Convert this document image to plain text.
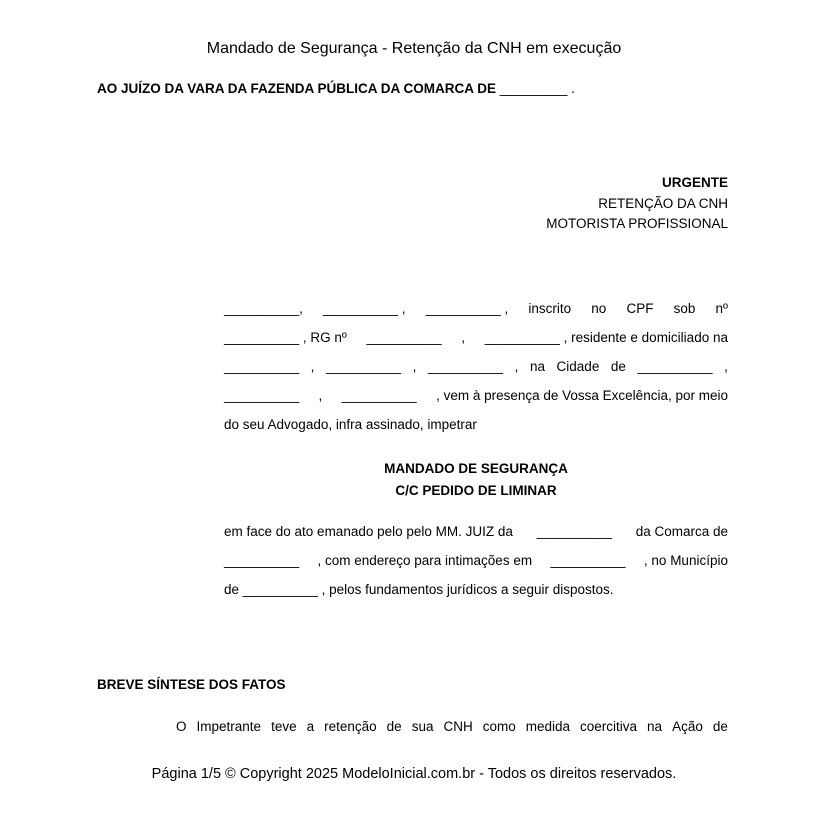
Mandado de Segurança - Retenção da CNH em execução

AO JUÍZO DA VARA DA FAZENDA PÚBLICA DA COMARCA DE _________ .

URGENTE

RETENÇÃO DA CNH

MOTORISTA PROFISSIONAL

__________, __________ , __________ , inscrito no CPF sob nº
__________ , RG nº __________ , __________ , residente e domiciliado na
__________ , __________ , __________ , na Cidade de __________ ,
__________ , __________ , vem à presença de Vossa Excelência, por meio
do seu Advogado, infra assinado, impetrar

MANDADO DE SEGURANÇA

C/C PEDIDO DE LIMINAR

em face do ato emanado pelo pelo MM. JUIZ da __________ da Comarca de
__________ , com endereço para intimações em __________ , no Município
de __________ , pelos fundamentos jurídicos a seguir dispostos.

BREVE SÍNTESE DOS FATOS

O Impetrante teve a retenção de sua CNH como medida coercitiva na Ação de

Página 1/5 © Copyright 2025 ModeloInicial.com.br - Todos os direitos reservados.
